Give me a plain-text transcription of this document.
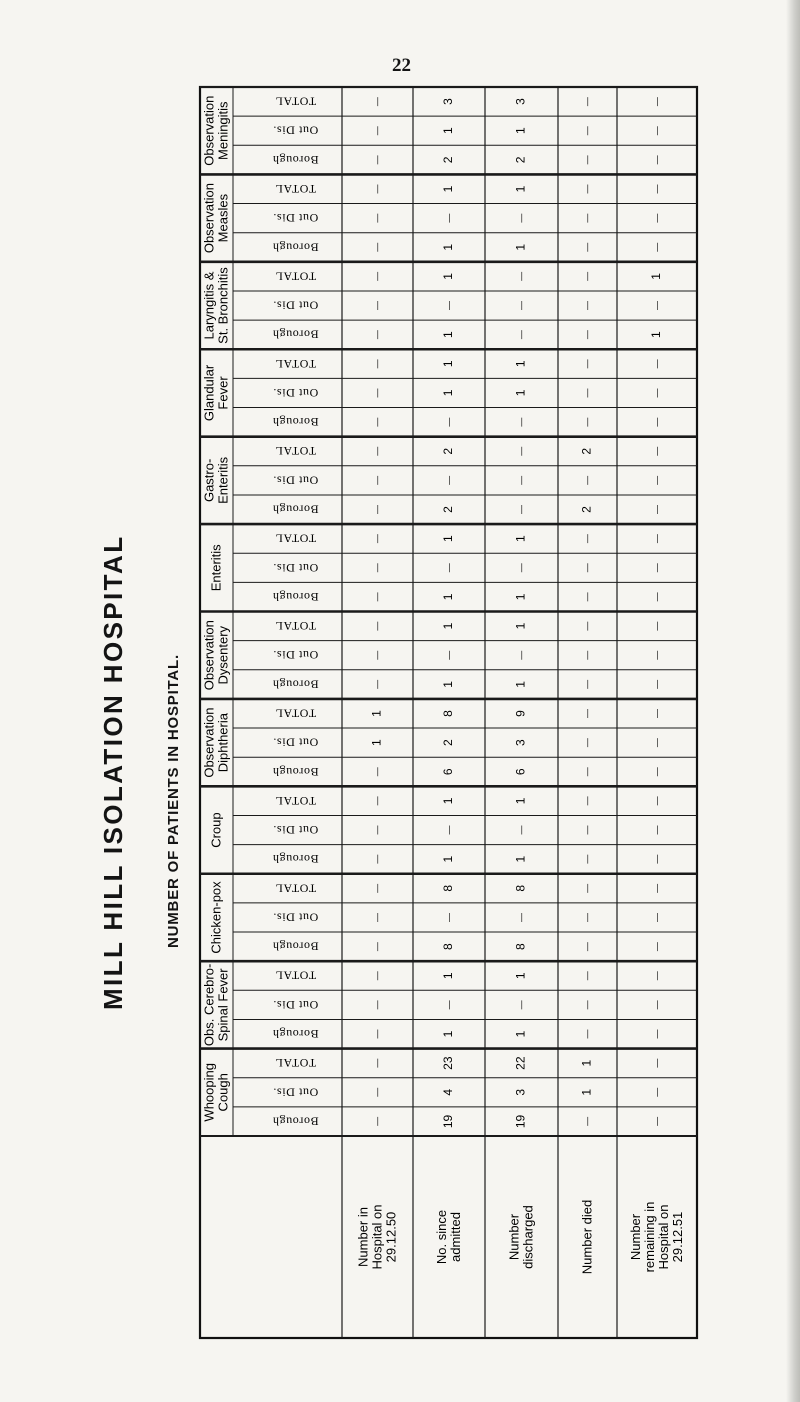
22
MILL HILL ISOLATION HOSPITAL NUMBER OF PATIENTS IN HOSPITAL.
ObservationMeningitis	TOTAL	—	3	3	—	—
Out Dis.	—	1	1	—	—
Borough	—	2	2	—	—
ObservationMeasles
TOTAL	—	1	1	—	—
Out Dis.	—	—	—	—	—
Borough	—	1	1	—	—
Laryngitis &St. Bronchitis	TOTAL	—	1	—	—	1
Out Dis.	—	—	—	—	—
Borough	—	1	—	—	1
GlandularFever
TOTAL	—	1	1	—	—
Out Dis.	—	1	1	—	—
Borough	—	—	—	—	—
Gastro-Enteritis
TOTAL	—	2	—	2	—
Out Dis.	—	—	—	—	—
Borough	—	2	—	2	—
Enteritis
TOTAL	—	1	1	—	—
Out Dis.	—	—	—	—	—
Borough	—	1	1	—	—
ObservationDysentery	TOTAL	—	1	1	—	—
Out Dis.	—	—	—	—	—
Borough	—	1	1	—	—
ObservationDiphtheria	TOTAL	1	8	9	—	—
Out Dis.	1	2	3	—	—
Borough	—	6	6	—	—
Croup
TOTAL	—	1	1	—	—
Out Dis.	—	—	—	—	—
Borough	—	1	1	—	—
Chicken-pox	TOTAL	—	8	8	—	—
Out Dis.	—	—	—	—	—
Borough	—	8	8	—	—
Obs. Cerebro-Spinal Fever	TOTAL	—	1	1	—	—
Out Dis.	—	—	—	—	—
Borough	—	1	1	—	—
WhoopingCough
TOTAL	—	23	22	1	—
Out Dis.	—	4	3	1	—
Borough	—	19	19	—	—
Number inHospital on29.12.50	No. sinceadmitted	Numberdischarged	Number died	Numberremaining inHospital on29.12.51
